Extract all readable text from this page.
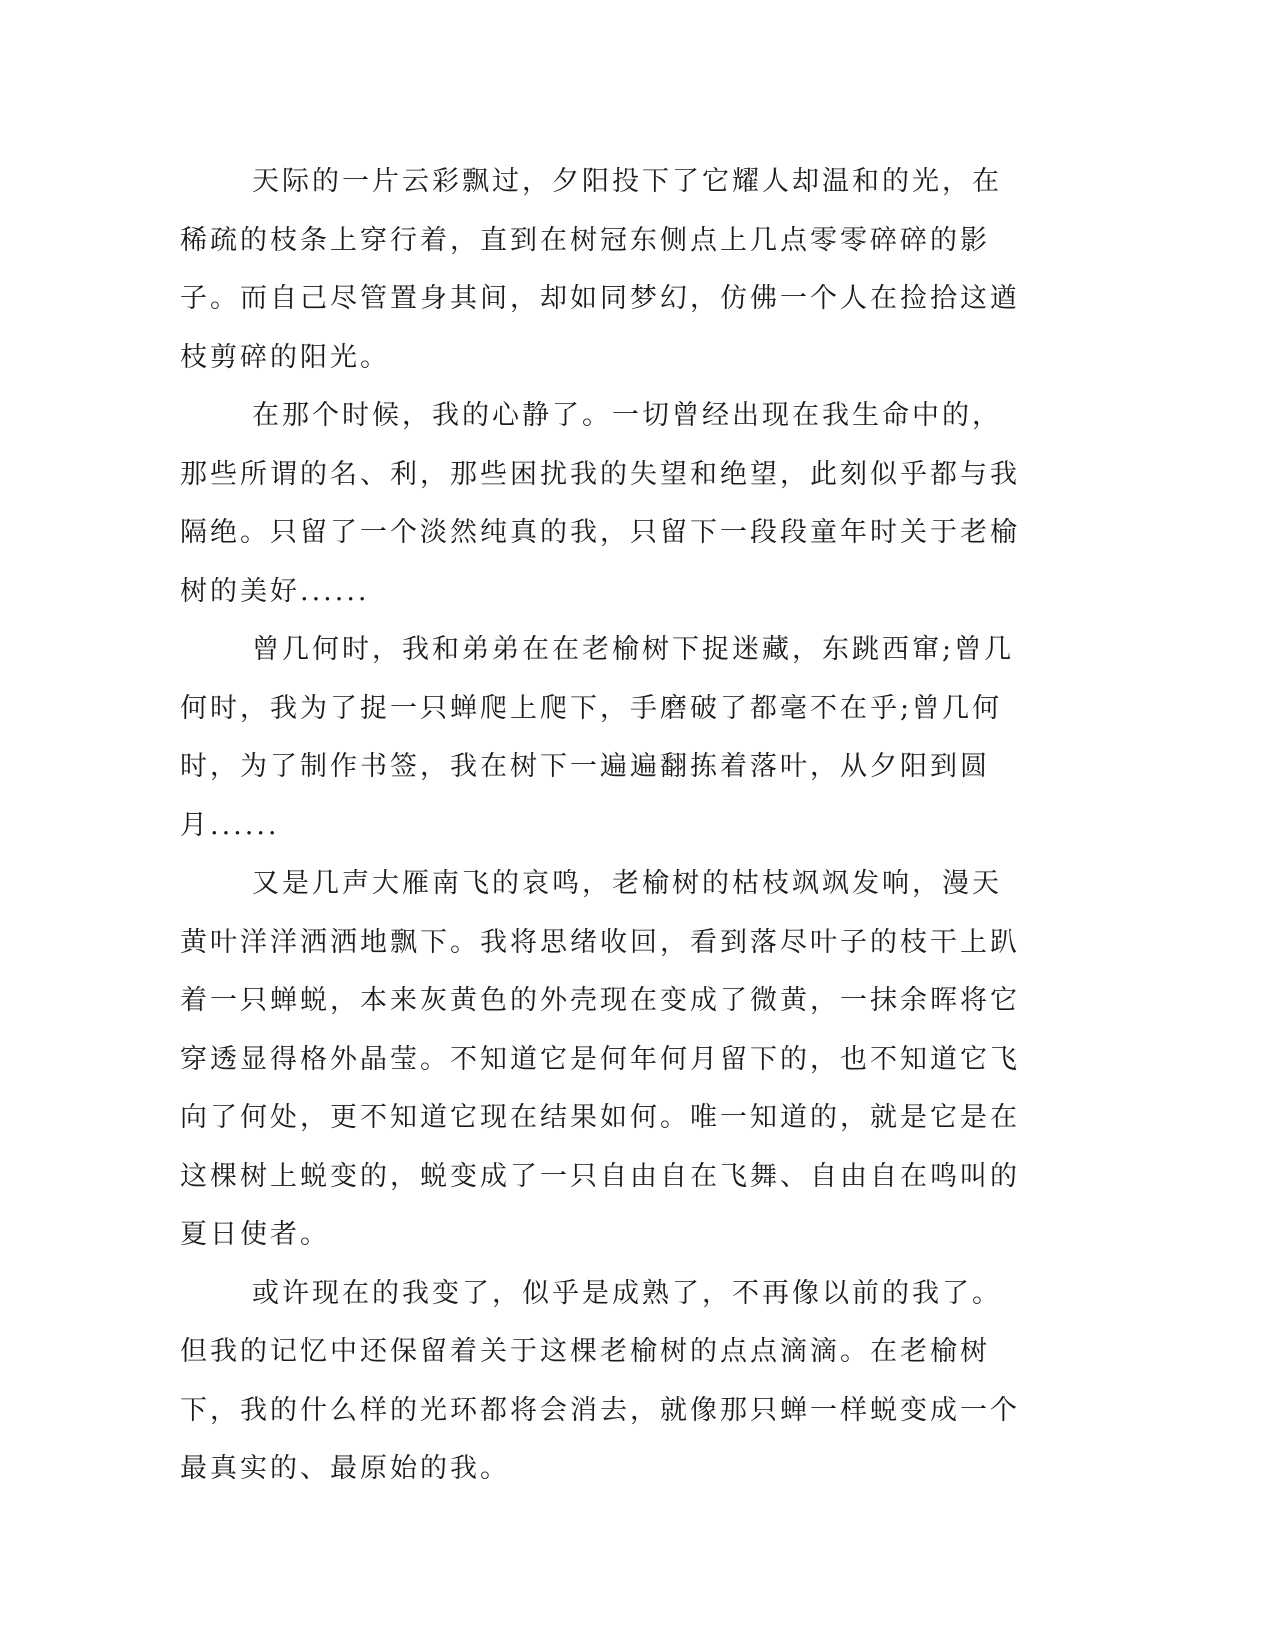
天际的一片云彩飘过，夕阳投下了它耀人却温和的光，在稀疏的枝条上穿行着，直到在树冠东侧点上几点零零碎碎的影子。而自己尽管置身其间，却如同梦幻，仿佛一个人在捡拾这遒枝剪碎的阳光。

在那个时候，我的心静了。一切曾经出现在我生命中的，那些所谓的名、利，那些困扰我的失望和绝望，此刻似乎都与我隔绝。只留了一个淡然纯真的我，只留下一段段童年时关于老榆树的美好......

曾几何时，我和弟弟在在老榆树下捉迷藏，东跳西窜;曾几何时，我为了捉一只蝉爬上爬下，手磨破了都毫不在乎;曾几何时，为了制作书签，我在树下一遍遍翻拣着落叶，从夕阳到圆月......

又是几声大雁南飞的哀鸣，老榆树的枯枝飒飒发响，漫天黄叶洋洋洒洒地飘下。我将思绪收回，看到落尽叶子的枝干上趴着一只蝉蜕，本来灰黄色的外壳现在变成了微黄，一抹余晖将它穿透显得格外晶莹。不知道它是何年何月留下的，也不知道它飞向了何处，更不知道它现在结果如何。唯一知道的，就是它是在这棵树上蜕变的，蜕变成了一只自由自在飞舞、自由自在鸣叫的夏日使者。

或许现在的我变了，似乎是成熟了，不再像以前的我了。但我的记忆中还保留着关于这棵老榆树的点点滴滴。在老榆树下，我的什么样的光环都将会消去，就像那只蝉一样蜕变成一个最真实的、最原始的我。
